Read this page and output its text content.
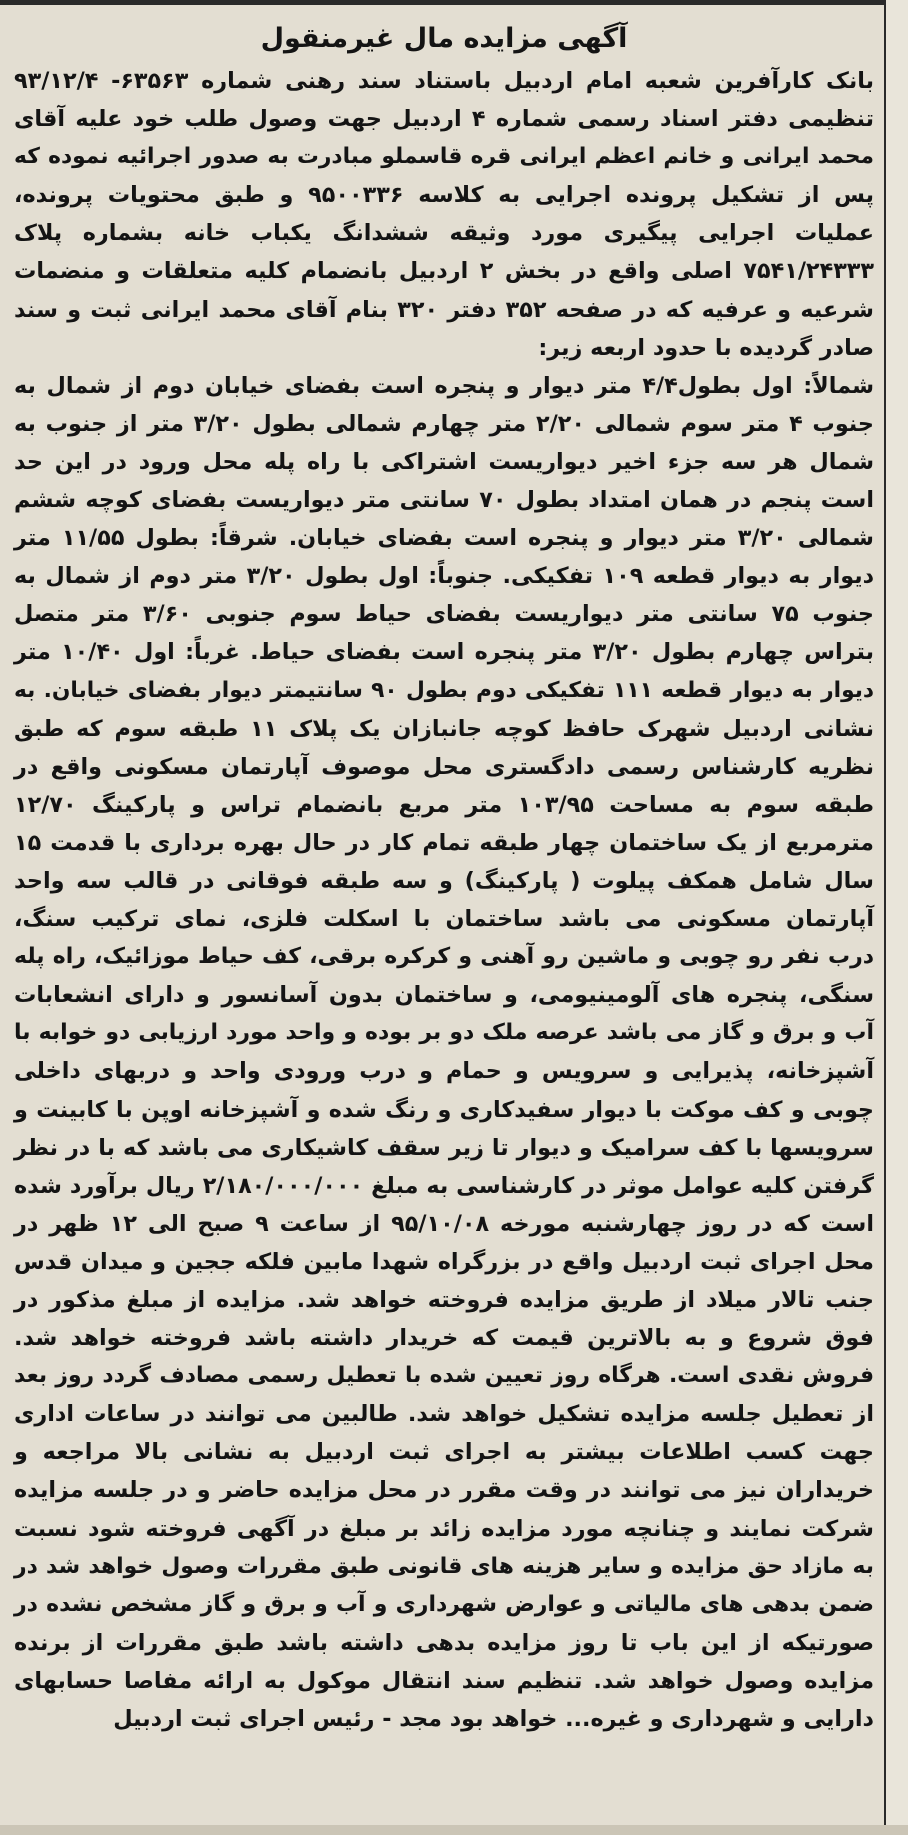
آگهی مزایده مال غیرمنقول
بانک کارآفرین شعبه امام اردبیل باستناد سند رهنی شماره ۶۳۵۶۳- ۹۳/۱۲/۴
تنظیمی دفتر اسناد رسمی شماره ۴ اردبیل جهت وصول طلب خود علیه آقای
محمد ایرانی و خانم اعظم ایرانی قره قاسملو مبادرت به صدور اجرائیه نموده که
پس از تشکیل پرونده اجرایی به کلاسه ۹۵۰۰۳۳۶ و طبق محتویات پرونده،
عملیات اجرایی پیگیری مورد وثیقه ششدانگ یکباب خانه بشماره پلاک
۷۵۴۱/۲۴۳۳۳ اصلی واقع در بخش ۲ اردبیل بانضمام کلیه متعلقات و منضمات
شرعیه و عرفیه که در صفحه ۳۵۲ دفتر ۳۲۰ بنام آقای محمد ایرانی ثبت و سند
صادر گردیده با حدود اربعه زیر:
شمالاً: اول بطول۴/۴ متر دیوار و پنجره است بفضای خیابان دوم از شمال به
جنوب ۴ متر سوم شمالی ۲/۲۰ متر چهارم شمالی بطول ۳/۲۰ متر از جنوب به
شمال هر سه جزء اخیر دیواریست اشتراکی با راه پله محل ورود در این حد
است پنجم در همان امتداد بطول ۷۰ سانتی متر دیواریست بفضای کوچه ششم
شمالی ۳/۲۰ متر دیوار و پنجره است بفضای خیابان. شرقاً: بطول ۱۱/۵۵ متر
دیوار به دیوار قطعه ۱۰۹ تفکیکی. جنوباً: اول بطول ۳/۲۰ متر دوم از شمال به
جنوب ۷۵ سانتی متر دیواریست بفضای حیاط سوم جنوبی ۳/۶۰ متر متصل
بتراس چهارم بطول ۳/۲۰ متر پنجره است بفضای حیاط. غرباً: اول ۱۰/۴۰ متر
دیوار به دیوار قطعه ۱۱۱ تفکیکی دوم بطول ۹۰ سانتیمتر دیوار بفضای خیابان. به
نشانی اردبیل شهرک حافظ کوچه جانبازان یک پلاک ۱۱ طبقه سوم که طبق
نظریه کارشناس رسمی دادگستری محل موصوف آپارتمان مسکونی واقع در
طبقه سوم به مساحت ۱۰۳/۹۵ متر مربع بانضمام تراس و پارکینگ ۱۲/۷۰
مترمربع از یک ساختمان چهار طبقه تمام کار در حال بهره برداری با قدمت ۱۵
سال شامل همکف پیلوت ( پارکینگ) و سه طبقه فوقانی در قالب سه واحد
آپارتمان مسکونی می باشد ساختمان با اسکلت فلزی، نمای ترکیب سنگ،
درب نفر رو چوبی و ماشین رو آهنی و کرکره برقی، کف حیاط موزائیک، راه پله
سنگی، پنجره های آلومینیومی، و ساختمان بدون آسانسور و دارای انشعابات
آب و برق و گاز می باشد عرصه ملک دو بر بوده و واحد مورد ارزیابی دو خوابه با
آشپزخانه، پذیرایی و سرویس و حمام و درب ورودی واحد و دربهای داخلی
چوبی و کف موکت با دیوار سفیدکاری و رنگ شده و آشپزخانه اوپن با کابینت و
سرویسها با کف سرامیک و دیوار تا زیر سقف کاشیکاری می باشد که با در نظر
گرفتن کلیه عوامل موثر در کارشناسی به مبلغ ۲/۱۸۰/۰۰۰/۰۰۰ ریال برآورد شده
است که در روز چهارشنبه مورخه ۹۵/۱۰/۰۸ از ساعت ۹ صبح الی ۱۲ ظهر در
محل اجرای ثبت اردبیل واقع در بزرگراه شهدا مابین فلکه ججین و میدان قدس
جنب تالار میلاد از طریق مزایده فروخته خواهد شد. مزایده از مبلغ مذکور در
فوق شروع و به بالاترین قیمت که خریدار داشته باشد فروخته خواهد شد.
فروش نقدی است. هرگاه روز تعیین شده با تعطیل رسمی مصادف گردد روز بعد
از تعطیل جلسه مزایده تشکیل خواهد شد. طالبین می توانند در ساعات اداری
جهت کسب اطلاعات بیشتر به اجرای ثبت اردبیل به نشانی بالا مراجعه و
خریداران نیز می توانند در وقت مقرر در محل مزایده حاضر و در جلسه مزایده
شرکت نمایند و چنانچه مورد مزایده زائد بر مبلغ در آگهی فروخته شود نسبت
به مازاد حق مزایده و سایر هزینه های قانونی طبق مقررات وصول خواهد شد در
ضمن بدهی های مالیاتی و عوارض شهرداری و آب و برق و گاز مشخص نشده در
صورتیکه از این باب تا روز مزایده بدهی داشته باشد طبق مقررات از برنده
مزایده وصول خواهد شد. تنظیم سند انتقال موکول به ارائه مفاصا حسابهای
دارایی و شهرداری و غیره... خواهد بود مجد - رئیس اجرای ثبت اردبیل
